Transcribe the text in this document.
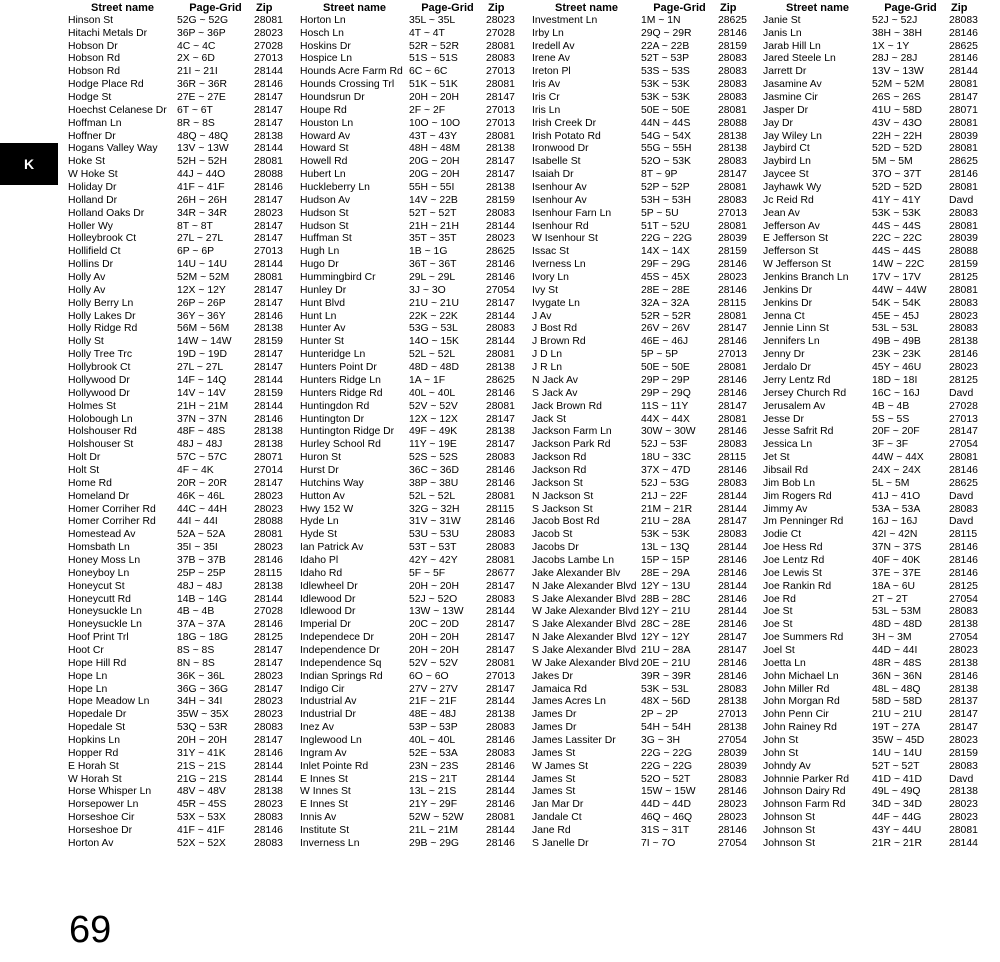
K
Street name	Page-Grid	Zip
Hinson St	52G ~ 52G	28081
Hitachi Metals Dr	36P ~ 36P	28023
Hobson Dr	4C ~ 4C	27028
Hobson Rd	2X ~ 6D	27013
Hobson Rd	21I ~ 21I	28144
Hodge Place Rd	36R ~ 36R	28146
Hodge St	27E ~ 27E	28147
Hoechst Celanese Dr 6T ~ 6T	28147
Hoffman Ln	8R ~ 8S	28147
Hoffner Dr	48Q ~ 48Q	28138
Hogans Valley Way	13V ~ 13W	28144
Hoke St	52H ~ 52H	28081
W Hoke St	44J ~ 44O	28088
Holiday Dr	41F ~ 41F	28146
Holland Dr	26H ~ 26H	28147
Holland Oaks Dr	34R ~ 34R	28023
Holler Wy	8T ~ 8T	28147
Holleybrook Ct	27L ~ 27L	28147
Hollifield Ct	6P ~ 6P	27013
Hollins Dr	14U ~ 14U	28144
Holly Av	52M ~ 52M	28081
Holly Av	12X ~ 12Y	28147
Holly Berry Ln	26P ~ 26P	28147
Holly Lakes Dr	36Y ~ 36Y	28146
Holly Ridge Rd	56M ~ 56M	28138
Holly St	14W ~ 14W	28159
Holly Tree Trc	19D ~ 19D	28147
Hollybrook Ct	27L ~ 27L	28147
Hollywood Dr	14F ~ 14Q	28144
Hollywood Dr	14V ~ 14V	28159
Holmes St	21H ~ 21M	28144
Holobough Ln	37N ~ 37N	28146
Holshouser Rd	48F ~ 48S	28138
Holshouser St	48J ~ 48J	28138
Holt Dr	57C ~ 57C	28071
Holt St	4F ~ 4K	27014
Home Rd	20R ~ 20R	28147
Homeland Dr	46K ~ 46L	28023
Homer Corriher Rd	44C ~ 44H	28023
Homer Corriher Rd	44I ~ 44I	28088
Homestead Av	52A ~ 52A	28081
Homsbath Ln	35I ~ 35I	28023
Honey Moss Ln	37B ~ 37B	28146
Honeyboy Ln	25P ~ 25P	28115
Honeycut St	48J ~ 48J	28138
Honeycutt Rd	14B ~ 14G	28144
Honeysuckle Ln	4B ~ 4B	27028
Honeysuckle Ln	37A ~ 37A	28146
Hoof Print Trl	18G ~ 18G	28125
Hoot Cr	8S ~ 8S	28147
Hope Hill Rd	8N ~ 8S	28147
Hope Ln	36K ~ 36L	28023
Hope Ln	36G ~ 36G	28147
Hope Meadow Ln	34H ~ 34I	28023
Hopedale Dr	35W ~ 35X	28023
Hopedale St	53Q ~ 53R	28083
Hopkins Ln	20H ~ 20H	28147
Hopper Rd	31Y ~ 41K	28146
E Horah St	21S ~ 21S	28144
W Horah St	21G ~ 21S	28144
Horse Whisper Ln	48V ~ 48V	28138
Horsepower Ln	45R ~ 45S	28023
Horseshoe Cir	53X ~ 53X	28083
Horseshoe Dr	41F ~ 41F	28146
Horton Av	52X ~ 52X	28083
Street name	Page-Grid	Zip
Horton Ln	35L ~ 35L	28023
Hosch Ln	4T ~ 4T	27028
Hoskins Dr	52R ~ 52R	28081
Hospice Ln	51S ~ 51S	28083
Hounds Acre Farm Rd 6C ~ 6C	27013
Hounds Crossing Trl	51K ~ 51K	28081
Houndsrun Dr	20H ~ 20H	28147
Houpe Rd	2F ~ 2F	27013
Houston Ln	10O ~ 10O	27013
Howard Av	43T ~ 43Y	28081
Howard St	48H ~ 48M	28138
Howell Rd	20G ~ 20H	28147
Hubert Ln	20G ~ 20H	28147
Huckleberry Ln	55H ~ 55I	28138
Hudson Av	14V ~ 22B	28159
Hudson St	52T ~ 52T	28083
Hudson St	21H ~ 21H	28144
Huffman St	35T ~ 35T	28023
Hugh Ln	1B ~ 1G	28625
Hugo Dr	36T ~ 36T	28146
Hummingbird Cr	29L ~ 29L	28146
Hunley Dr	3J ~ 3O	27054
Hunt Blvd	21U ~ 21U	28147
Hunt Ln	22K ~ 22K	28144
Hunter Av	53G ~ 53L	28083
Hunter St	14O ~ 15K	28144
Hunteridge Ln	52L ~ 52L	28081
Hunters Point Dr	48D ~ 48D	28138
Hunters Ridge Ln	1A ~ 1F	28625
Hunters Ridge Rd	40L ~ 40L	28146
Huntingdon Rd	52V ~ 52V	28081
Huntington Dr	12X ~ 12X	28147
Huntington Ridge Dr	49F ~ 49K	28138
Hurley School Rd	11Y ~ 19E	28147
Huron St	52S ~ 52S	28083
Hurst Dr	36C ~ 36D	28146
Hutchins Way	38P ~ 38U	28146
Hutton Av	52L ~ 52L	28081
Hwy 152 W	32G ~ 32H	28115
Hyde Ln	31V ~ 31W	28146
Hyde St	53U ~ 53U	28083
Ian Patrick Av	53T ~ 53T	28083
Idaho Pl	42Y ~ 42Y	28081
Idaho Rd	5F ~ 5F	28677
Idlewheel Dr	20H ~ 20H	28147
Idlewood Dr	52J ~ 52O	28083
Idlewood Dr	13W ~ 13W	28144
Imperial Dr	20C ~ 20D	28147
Independece Dr	20H ~ 20H	28147
Independence Dr	20H ~ 20H	28147
Independence Sq	52V ~ 52V	28081
Indian Springs Rd	6O ~ 6O	27013
Indigo Cir	27V ~ 27V	28147
Industrial Av	21F ~ 21F	28144
Industrial Dr	48E ~ 48J	28138
Inez Av	53P ~ 53P	28083
Inglewood Ln	40L ~ 40L	28146
Ingram Av	52E ~ 53A	28083
Inlet Pointe Rd	23N ~ 23S	28146
E Innes St	21S ~ 21T	28144
W Innes St	13L ~ 21S	28144
E Innes St	21Y ~ 29F	28146
Innis Av	52W ~ 52W	28081
Institute St	21L ~ 21M	28144
Inverness Ln	29B ~ 29G	28146
Street name	Page-Grid	Zip
Investment Ln	1M ~ 1N	28625
Irby Ln	29Q ~ 29R	28146
Iredell Av	22A ~ 22B	28159
Irene Av	52T ~ 53P	28083
Ireton Pl	53S ~ 53S	28083
Iris Av	53K ~ 53K	28083
Iris Cr	53K ~ 53K	28083
Iris Ln	50E ~ 50E	28081
Irish Creek Dr	44N ~ 44S	28088
Irish Potato Rd	54G ~ 54X	28138
Ironwood Dr	55G ~ 55H	28138
Isabelle St	52O ~ 53K	28083
Isaiah Dr	8T ~ 9P	28147
Isenhour Av	52P ~ 52P	28081
Isenhour Av	53H ~ 53H	28083
Isenhour Farn Ln	5P ~ 5U	27013
Isenhour Rd	51T ~ 52U	28081
W Isenhour St	22G ~ 22G	28039
Issac St	14X ~ 14X	28159
Iverness Ln	29F ~ 29G	28146
Ivory Ln	45S ~ 45X	28023
Ivy St	28E ~ 28E	28146
Ivygate Ln	32A ~ 32A	28115
J Av	52R ~ 52R	28081
J Bost Rd	26V ~ 26V	28147
J Brown Rd	46E ~ 46J	28146
J D Ln	5P ~ 5P	27013
J R Ln	50E ~ 50E	28081
N Jack Av	29P ~ 29P	28146
S Jack Av	29P ~ 29Q	28146
Jack Brown Rd	11S ~ 11Y	28147
Jack St	44X ~ 44X	28081
Jackson Farm Ln	30W ~ 30W	28146
Jackson Park Rd	52J ~ 53F	28083
Jackson Rd	18U ~ 33C	28115
Jackson Rd	37X ~ 47D	28146
Jackson St	52J ~ 53G	28083
N Jackson St	21J ~ 22F	28144
S Jackson St	21M ~ 21R	28144
Jacob Bost Rd	21U ~ 28A	28147
Jacob St	53K ~ 53K	28083
Jacobs Dr	13L ~ 13Q	28144
Jacobs Lambe Ln	15P ~ 15P	28146
Jake Alexander Blv	28E ~ 29A	28146
N Jake Alexander Blvd 12Y ~ 13U	28144
S Jake Alexander Blvd 28B ~ 28C	28146
W Jake Alexander Blvd 12Y ~ 21U	28144
S Jake Alexander Blvd 28C ~ 28E	28146
N Jake Alexander Blvd 12Y ~ 12Y	28147
S Jake Alexander Blvd 21U ~ 28A	28147
W Jake Alexander Blvd 20E ~ 21U	28146
Jakes Dr	39R ~ 39R	28146
Jamaica Rd	53K ~ 53L	28083
James Acres Ln	48X ~ 56D	28138
James Dr	2P ~ 2P	27013
James Dr	54H ~ 54H	28138
James Lassiter Dr	3G ~ 3H	27054
James St	22G ~ 22G	28039
W James St	22G ~ 22G	28039
James St	52O ~ 52T	28083
James St	15W ~ 15W	28146
Jan Mar Dr	44D ~ 44D	28023
Jandale Ct	46Q ~ 46Q	28023
Jane Rd	31S ~ 31T	28146
S Janelle Dr	7I ~ 7O	27054
Street name	Page-Grid	Zip
Janie St	52J ~ 52J	28083
Janis Ln	38H ~ 38H	28146
Jarab Hill Ln	1X ~ 1Y	28625
Jared Steele Ln	28J ~ 28J	28146
Jarrett Dr	13V ~ 13W	28144
Jasamine Av	52M ~ 52M	28081
Jasmine Cir	26S ~ 26S	28147
Jasper Dr	41U ~ 58D	28071
Jay Dr	43V ~ 43O	28081
Jay Wiley Ln	22H ~ 22H	28039
Jaybird Ct	52D ~ 52D	28081
Jaybird Ln	5M ~ 5M	28625
Jaycee St	37O ~ 37T	28146
Jayhawk Wy	52D ~ 52D	28081
Jc Reid Rd	41Y ~ 41Y	Davd
Jean Av	53K ~ 53K	28083
Jefferson Av	44S ~ 44S	28081
E Jefferson St	22C ~ 22C	28039
Jefferson St	44S ~ 44S	28088
W Jefferson St	14W ~ 22C	28159
Jenkins Branch Ln	17V ~ 17V	28125
Jenkins Dr	44W ~ 44W	28081
Jenkins Dr	54K ~ 54K	28083
Jenna Ct	45E ~ 45J	28023
Jennie Linn St	53L ~ 53L	28083
Jennifers Ln	49B ~ 49B	28138
Jenny Dr	23K ~ 23K	28146
Jerdalo Dr	45Y ~ 46U	28023
Jerry Lentz Rd	18D ~ 18I	28125
Jersey Church Rd	16C ~ 16J	Davd
Jerusalem Av	4B ~ 4B	27028
Jesse Dr	5S ~ 5S	27013
Jesse Safrit Rd	20F ~ 20F	28147
Jessica Ln	3F ~ 3F	27054
Jet St	44W ~ 44X	28081
Jibsail Rd	24X ~ 24X	28146
Jim Bob Ln	5L ~ 5M	28625
Jim Rogers Rd	41J ~ 41O	Davd
Jimmy Av	53A ~ 53A	28083
Jm Penninger Rd	16J ~ 16J	Davd
Jodie Ct	42I ~ 42N	28115
Joe Hess Rd	37N ~ 37S	28146
Joe Lentz Rd	40F ~ 40K	28146
Joe Lewis St	37E ~ 37E	28146
Joe Rankin Rd	18A ~ 6U	28125
Joe Rd	2T ~ 2T	27054
Joe St	53L ~ 53M	28083
Joe St	48D ~ 48D	28138
Joe Summers Rd	3H ~ 3M	27054
Joel St	44D ~ 44I	28023
Joetta Ln	48R ~ 48S	28138
John Michael Ln	36N ~ 36N	28146
John Miller Rd	48L ~ 48Q	28138
John Morgan Rd	58D ~ 58D	28137
John Penn Cir	21U ~ 21U	28147
John Rainey Rd	19T ~ 27A	28147
John St	35W ~ 45D	28023
John St	14U ~ 14U	28159
Johndy Av	52T ~ 52T	28083
Johnnie Parker Rd	41D ~ 41D	Davd
Johnson Dairy Rd	49L ~ 49Q	28138
Johnson Farm Rd	34D ~ 34D	28023
Johnson St	44F ~ 44G	28023
Johnson St	43Y ~ 44U	28081
Johnson St	21R ~ 21R	28144
69
